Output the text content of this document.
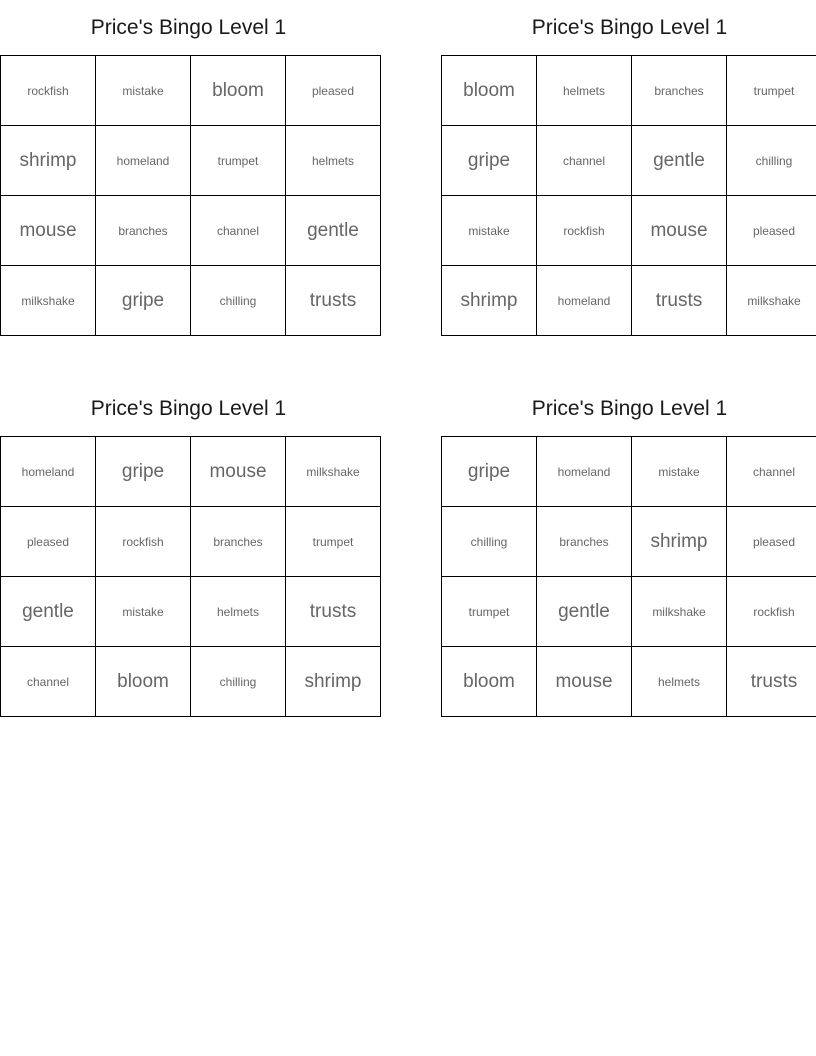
Price's Bingo Level 1
rockfish	mistake	bloom	pleased
shrimp	homeland	trumpet	helmets
mouse	branches	channel	gentle
milkshake	gripe	chilling	trusts
Price's Bingo Level 1
bloom	helmets	branches	trumpet
gripe	channel	gentle	chilling
mistake	rockfish	mouse	pleased
shrimp	homeland	trusts	milkshake
Price's Bingo Level 1
homeland	gripe	mouse	milkshake
pleased	rockfish	branches	trumpet
gentle	mistake	helmets	trusts
channel	bloom	chilling	shrimp
Price's Bingo Level 1
gripe	homeland	mistake	channel
chilling	branches	shrimp	pleased
trumpet	gentle	milkshake	rockfish
bloom	mouse	helmets	trusts
